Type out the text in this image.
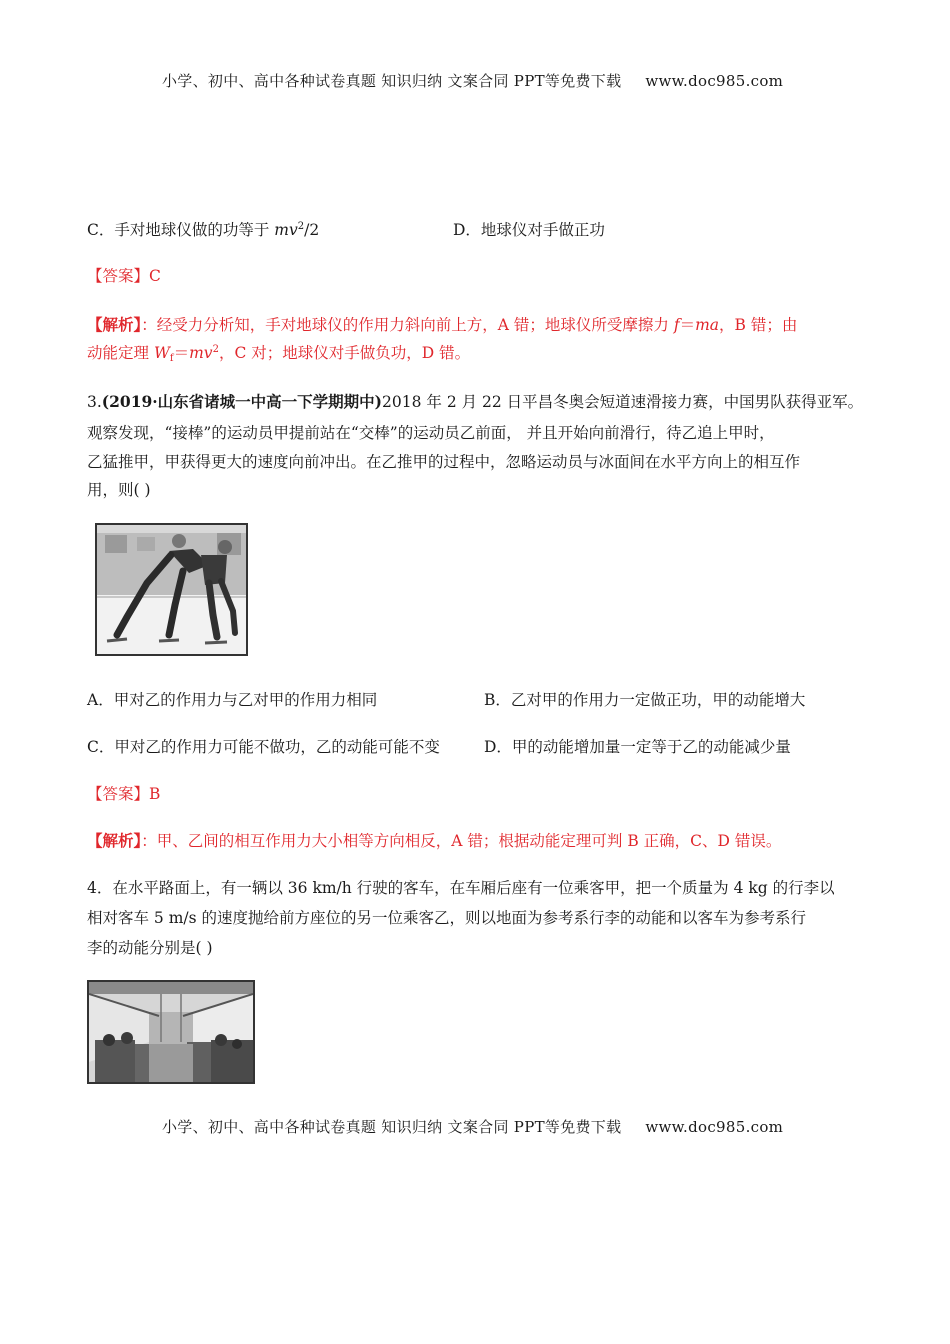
小学、初中、高中各种试卷真题 知识归纳 文案合同 PPT等免费下载 www.doc985.com
C．手对地球仪做的功等于 $mv^2/2$	D．地球仪对手做正功
【答案】C
【解析】：经受力分析知，手对地球仪的作用力斜向前上方，A 错；地球仪所受摩擦力 f＝ma，B 错；由
动能定理 $W_f=mv^2$，C 对；地球仪对手做负功，D 错。
3.(2019·山东省诸城一中高一下学期期中)2018 年 2 月 22 日平昌冬奥会短道速滑接力赛，中国男队获得亚军。
观察发现，“接棒”的运动员甲提前站在“交棒”的运动员乙前面， 并且开始向前滑行，待乙追上甲时，
乙猛推甲，甲获得更大的速度向前冲出。在乙推甲的过程中，忽略运动员与冰面间在水平方向上的相互作
用，则( )
A．甲对乙的作用力与乙对甲的作用力相同	B．乙对甲的作用力一定做正功，甲的动能增大
C．甲对乙的作用力可能不做功，乙的动能可能不变	D．甲的动能增加量一定等于乙的动能减少量
【答案】B
【解析】：甲、乙间的相互作用力大小相等方向相反，A 错；根据动能定理可判 B 正确，C、D 错误。
4．在水平路面上，有一辆以 36 km/h 行驶的客车，在车厢后座有一位乘客甲，把一个质量为 4 kg 的行李以
相对客车 5 m/s 的速度抛给前方座位的另一位乘客乙，则以地面为参考系行李的动能和以客车为参考系行
李的动能分别是( )
小学、初中、高中各种试卷真题 知识归纳 文案合同 PPT等免费下载 www.doc985.com
